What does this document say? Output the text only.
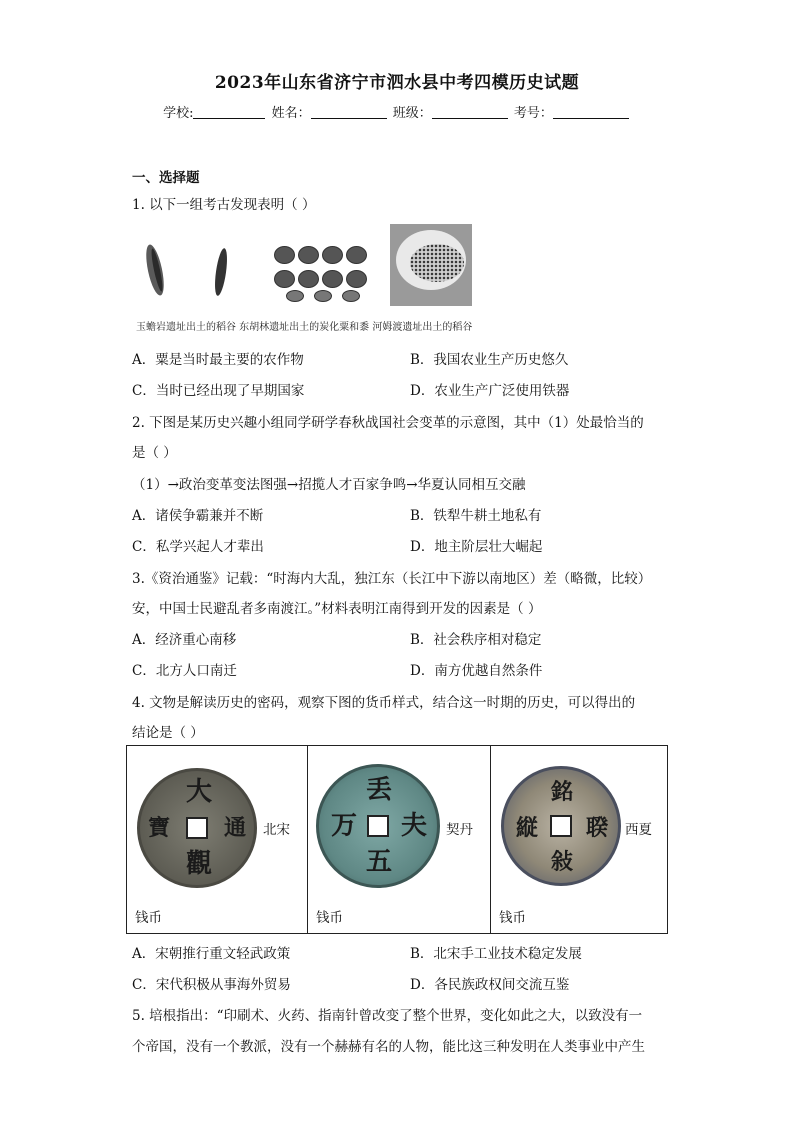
2023年山东省济宁市泗水县中考四模历史试题
学校:	姓名：	班级：	考号：
一、选择题
1. 以下一组考古发现表明（ ）
玉蟾岩遗址出土的稻谷 东胡林遗址出土的炭化粟和黍 河姆渡遗址出土的稻谷
A．粟是当时最主要的农作物	B．我国农业生产历史悠久
C．当时已经出现了早期国家	D．农业生产广泛使用铁器
2. 下图是某历史兴趣小组同学研学春秋战国社会变革的示意图，其中（1）处最恰当的
是（ ）
（1）→政治变革变法图强→招揽人才百家争鸣→华夏认同相互交融
A．诸侯争霸兼并不断	B．铁犁牛耕土地私有
C．私学兴起人才辈出	D．地主阶层壮大崛起
3.《资治通鉴》记载：“时海内大乱，独江东（长江中下游以南地区）差（略微，比较）
安，中国士民避乱者多南渡江。”材料表明江南得到开发的因素是（ ）
A．经济重心南移	B．社会秩序相对稳定
C．北方人口南迁	D．南方优越自然条件
4. 文物是解读历史的密码，观察下图的货币样式，结合这一时期的历史，可以得出的
结论是（ ）
大
通
觀
寶	北宋
钱币
丢
夫
五
万	契丹
钱币
銘
聧
敍
縦	西夏
钱币
A．宋朝推行重文轻武政策	B．北宋手工业技术稳定发展
C．宋代积极从事海外贸易	D．各民族政权间交流互鉴
5. 培根指出：“印刷术、火药、指南针曾改变了整个世界，变化如此之大，以致没有一
个帝国，没有一个教派，没有一个赫赫有名的人物，能比这三种发明在人类事业中产生
